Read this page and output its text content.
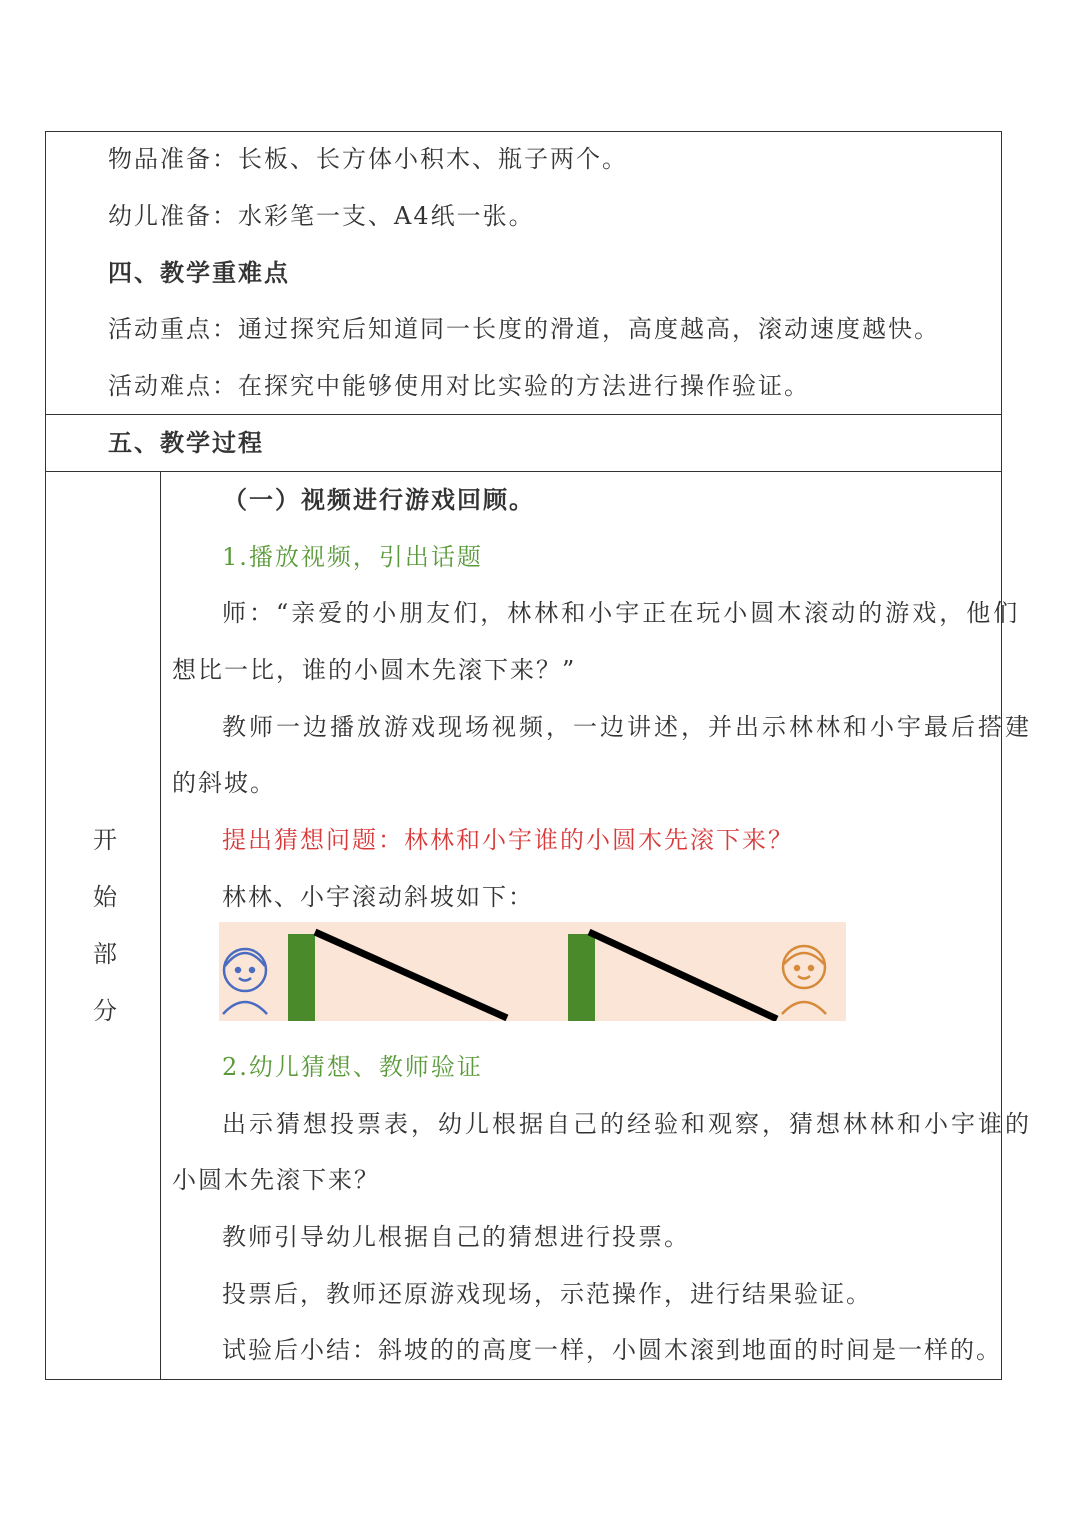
物品准备：长板、长方体小积木、瓶子两个。
幼儿准备：水彩笔一支、A4纸一张。
四、教学重难点
活动重点：通过探究后知道同一长度的滑道，高度越高，滚动速度越快。
活动难点：在探究中能够使用对比实验的方法进行操作验证。
五、教学过程
开
始
部
分
（一）视频进行游戏回顾。
1.播放视频，引出话题
师：“亲爱的小朋友们，林林和小宇正在玩小圆木滚动的游戏，他们
想比一比，谁的小圆木先滚下来？”
教师一边播放游戏现场视频，一边讲述，并出示林林和小宇最后搭建
的斜坡。
提出猜想问题：林林和小宇谁的小圆木先滚下来？
林林、小宇滚动斜坡如下：
2.幼儿猜想、教师验证
出示猜想投票表，幼儿根据自己的经验和观察，猜想林林和小宇谁的
小圆木先滚下来？
教师引导幼儿根据自己的猜想进行投票。
投票后，教师还原游戏现场，示范操作，进行结果验证。
试验后小结：斜坡的的高度一样，小圆木滚到地面的时间是一样的。
